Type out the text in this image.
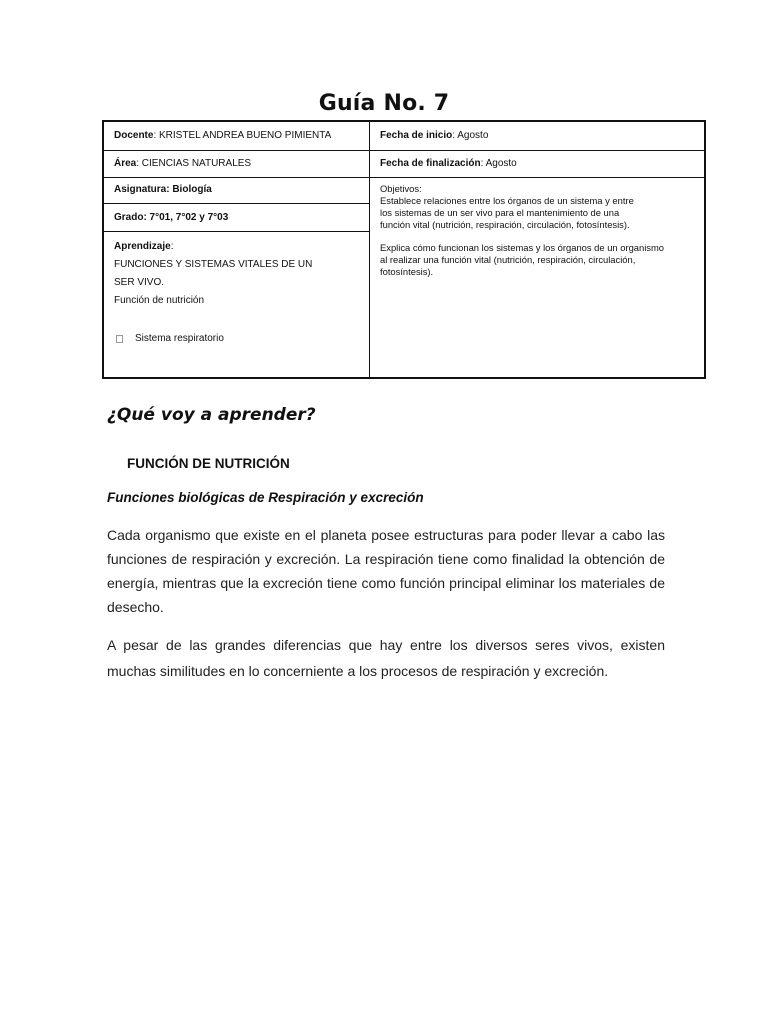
Guía No. 7
Docente: KRISTEL ANDREA BUENO PIMIENTA
Área: CIENCIAS NATURALES
Asignatura: Biología
Grado: 7°01, 7°02 y 7°03
Aprendizaje:
FUNCIONES Y SISTEMAS VITALES DE UN
SER VIVO.
Función de nutrición
Sistema respiratorio
Fecha de inicio: Agosto
Fecha de finalización: Agosto

Objetivos:

Establece relaciones entre los órganos de un sistema y entre

los sistemas de un ser vivo para el mantenimiento de una

función vital (nutrición, respiración, circulación, fotosíntesis).

Explica cómo funcionan los sistemas y los órganos de un organismo

al realizar una función vital (nutrición, respiración, circulación,

fotosíntesis).

¿Qué voy a aprender?
FUNCIÓN DE NUTRICIÓN
Funciones biológicas de Respiración y excreción
Cada organismo que existe en el planeta posee estructuras para poder llevar a cabo las funciones de respiración y excreción. La respiración tiene como finalidad la obtención de energía, mientras que la excreción tiene como función principal eliminar los materiales de desecho.
A pesar de las grandes diferencias que hay entre los diversos seres vivos, existen muchas similitudes en lo concerniente a los procesos de respiración y excreción.
